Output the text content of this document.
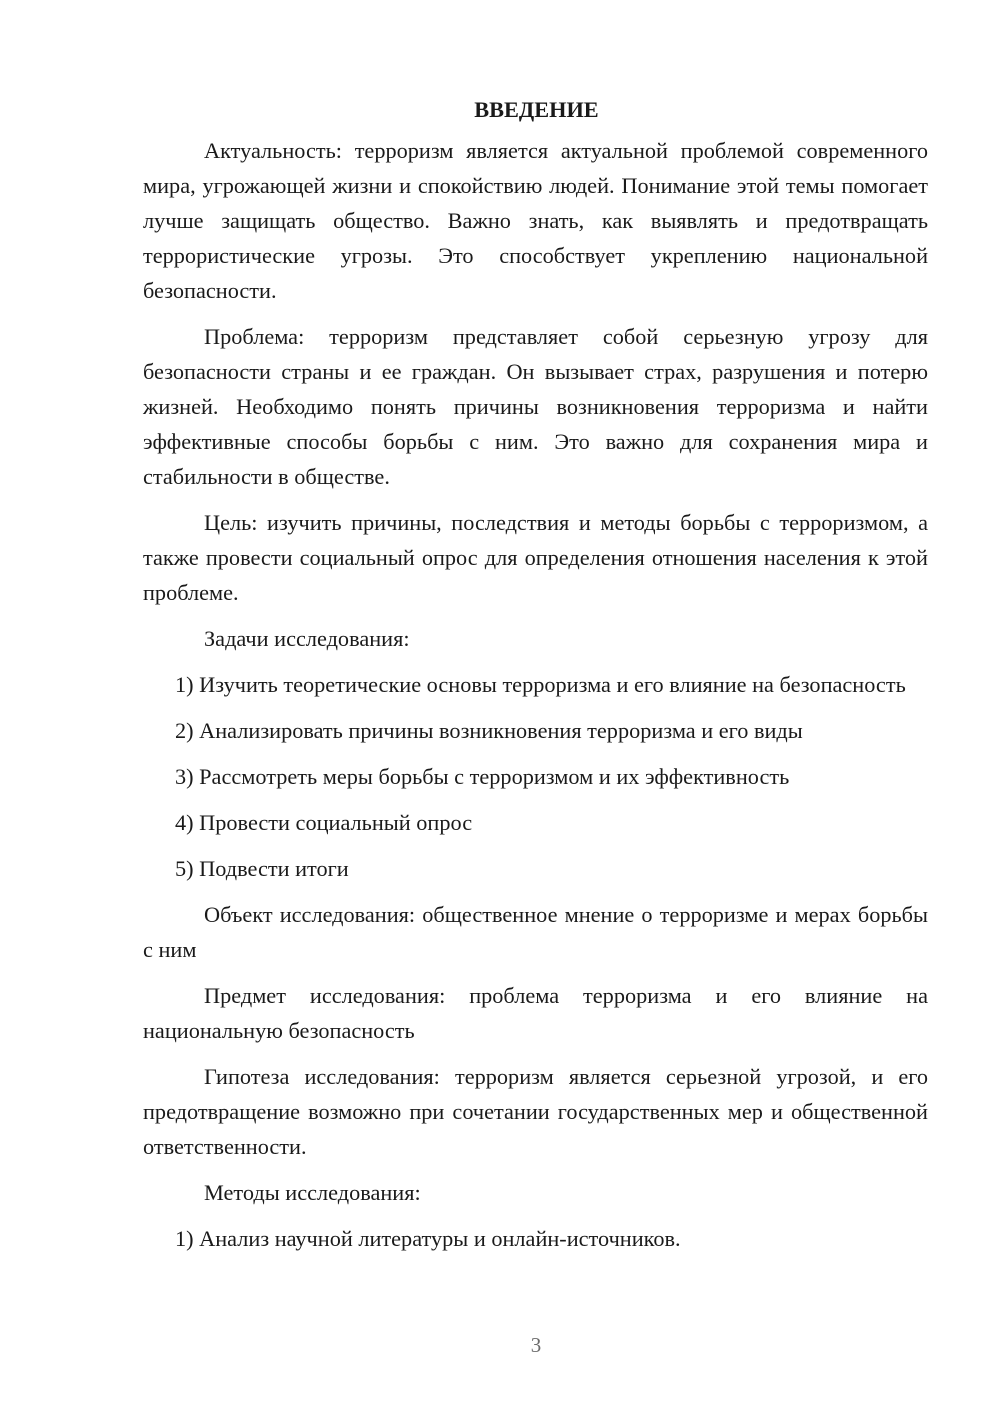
ВВЕДЕНИЕ

Актуальность: терроризм является актуальной проблемой современного мира, угрожающей жизни и спокойствию людей. Понимание этой темы помогает лучше защищать общество. Важно знать, как выявлять и предотвращать террористические угрозы. Это способствует укреплению национальной безопасности.

Проблема: терроризм представляет собой серьезную угрозу для безопасности страны и ее граждан. Он вызывает страх, разрушения и потерю жизней. Необходимо понять причины возникновения терроризма и найти эффективные способы борьбы с ним. Это важно для сохранения мира и стабильности в обществе.

Цель: изучить причины, последствия и методы борьбы с терроризмом, а также провести социальный опрос для определения отношения населения к этой проблеме.

Задачи исследования:

1) Изучить теоретические основы терроризма и его влияние на безопасность

2) Анализировать причины возникновения терроризма и его виды

3) Рассмотреть меры борьбы с терроризмом и их эффективность

4) Провести социальный опрос

5) Подвести итоги

Объект исследования: общественное мнение о терроризме и мерах борьбы с ним

Предмет исследования: проблема терроризма и его влияние на национальную безопасность

Гипотеза исследования: терроризм является серьезной угрозой, и его предотвращение возможно при сочетании государственных мер и общественной ответственности.

Методы исследования:

1) Анализ научной литературы и онлайн-источников.

3
